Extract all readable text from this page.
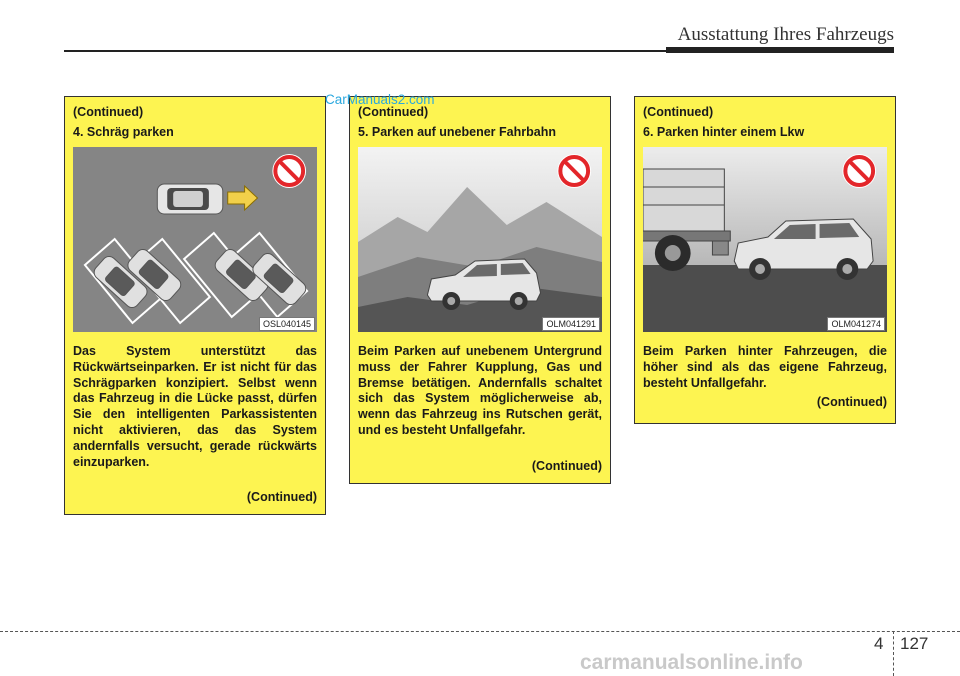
Ausstattung Ihres Fahrzeugs
(Continued)
4. Schräg parken
OSL040145
Das System unterstützt das Rückwärtseinparken. Er ist nicht für das Schrägparken konzipiert. Selbst wenn das Fahrzeug in die Lücke passt, dürfen Sie den intelligenten Parkassistenten nicht aktivieren, das das System andernfalls versucht, gerade rückwärts einzuparken.
(Continued)
(Continued)
5. Parken auf unebener Fahrbahn
OLM041291
Beim Parken auf unebenem Untergrund muss der Fahrer Kupplung, Gas und Bremse betätigen. Andernfalls schaltet sich das System möglicherweise ab, wenn das Fahrzeug ins Rutschen gerät, und es besteht Unfallgefahr.
(Continued)
(Continued)
6. Parken hinter einem Lkw
OLM041274
Beim Parken hinter Fahrzeugen, die höher sind als das eigene Fahrzeug, besteht Unfallgefahr.
(Continued)
CarManuals2.com
4 127
carmanualsonline.info
